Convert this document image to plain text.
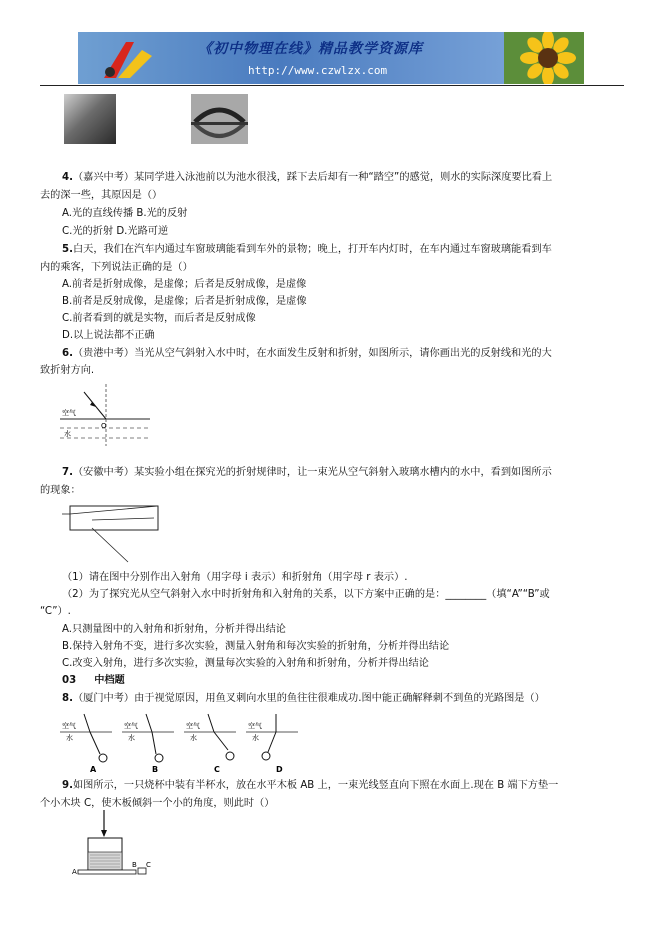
《初中物理在线》精品教学资源库
http://www.czwlzx.com
4.（嘉兴中考）某同学进入泳池前以为池水很浅，踩下去后却有一种“踏空”的感觉，则水的实际深度要比看上
去的深一些，其原因是（）
A.光的直线传播 B.光的反射
C.光的折射 D.光路可逆
5.白天，我们在汽车内通过车窗玻璃能看到车外的景物；晚上，打开车内灯时，在车内通过车窗玻璃能看到车
内的乘客，下列说法正确的是（）
A.前者是折射成像，是虚像；后者是反射成像，是虚像
B.前者是反射成像，是虚像；后者是折射成像，是虚像
C.前者看到的就是实物，而后者是反射成像
D.以上说法都不正确
6.（贵港中考）当光从空气斜射入水中时，在水面发生反射和折射，如图所示，请你画出光的反射线和光的大
致折射方向.
空气
水
O
7.（安徽中考）某实验小组在探究光的折射规律时，让一束光从空气斜射入玻璃水槽内的水中，看到如图所示
的现象：
（1）请在图中分别作出入射角（用字母 i 表示）和折射角（用字母 r 表示）.
（2）为了探究光从空气斜射入水中时折射角和入射角的关系，以下方案中正确的是：________（填“A”“B”或
“C”）.
A.只测量图中的入射角和折射角，分析并得出结论
B.保持入射角不变，进行多次实验，测量入射角和每次实验的折射角，分析并得出结论
C.改变入射角，进行多次实验，测量每次实验的入射角和折射角，分析并得出结论
03 中档题
8.（厦门中考）由于视觉原因，用鱼叉刺向水里的鱼往往很难成功.图中能正确解释刺不到鱼的光路图是（）
空气
水
A
空气
水
B
空气
水
C
空气
水
D
9.如图所示，一只烧杯中装有半杯水，放在水平木板 AB 上，一束光线竖直向下照在水面上.现在 B 端下方垫一
个小木块 C，使木板倾斜一个小的角度，则此时（）
A
B C
